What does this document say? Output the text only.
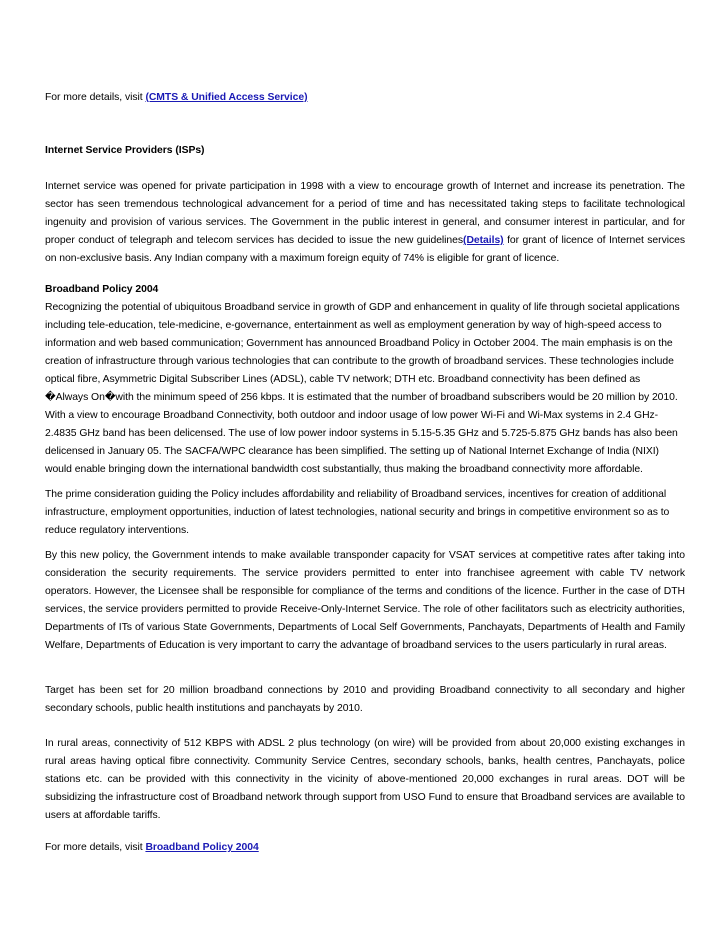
For more details, visit (CMTS & Unified Access Service)

Internet Service Providers (ISPs)

Internet service was opened for private participation in 1998 with a view to encourage growth of Internet and increase its penetration. The sector has seen tremendous technological advancement for a period of time and has necessitated taking steps to facilitate technological ingenuity and provision of various services. The Government in the public interest in general, and consumer interest in particular, and for proper conduct of telegraph and telecom services has decided to issue the new guidelines(Details) for grant of licence of Internet services on non-exclusive basis. Any Indian company with a maximum foreign equity of 74% is eligible for grant of licence.

Broadband Policy 2004

Recognizing the potential of ubiquitous Broadband service in growth of GDP and enhancement in quality of life through societal applications including tele-education, tele-medicine, e-governance, entertainment as well as employment generation by way of high-speed access to information and web based communication; Government has announced Broadband Policy in October 2004. The main emphasis is on the creation of infrastructure through various technologies that can contribute to the growth of broadband services. These technologies include optical fibre, Asymmetric Digital Subscriber Lines (ADSL), cable TV network; DTH etc. Broadband connectivity has been defined as �Always On�with the minimum speed of 256 kbps. It is estimated that the number of broadband subscribers would be 20 million by 2010. With a view to encourage Broadband Connectivity, both outdoor and indoor usage of low power Wi-Fi and Wi-Max systems in 2.4 GHz-2.4835 GHz band has been delicensed. The use of low power indoor systems in 5.15-5.35 GHz and 5.725-5.875 GHz bands has also been delicensed in January 05. The SACFA/WPC clearance has been simplified. The setting up of National Internet Exchange of India (NIXI) would enable bringing down the international bandwidth cost substantially, thus making the broadband connectivity more affordable.

The prime consideration guiding the Policy includes affordability and reliability of Broadband services, incentives for creation of additional infrastructure, employment opportunities, induction of latest technologies, national security and brings in competitive environment so as to reduce regulatory interventions.

By this new policy, the Government intends to make available transponder capacity for VSAT services at competitive rates after taking into consideration the security requirements. The service providers permitted to enter into franchisee agreement with cable TV network operators. However, the Licensee shall be responsible for compliance of the terms and conditions of the licence. Further in the case of DTH services, the service providers permitted to provide Receive-Only-Internet Service. The role of other facilitators such as electricity authorities, Departments of ITs of various State Governments, Departments of Local Self Governments, Panchayats, Departments of Health and Family Welfare, Departments of Education is very important to carry the advantage of broadband services to the users particularly in rural areas.

Target has been set for 20 million broadband connections by 2010 and providing Broadband connectivity to all secondary and higher secondary schools, public health institutions and panchayats by 2010.

In rural areas, connectivity of 512 KBPS with ADSL 2 plus technology (on wire) will be provided from about 20,000 existing exchanges in rural areas having optical fibre connectivity. Community Service Centres, secondary schools, banks, health centres, Panchayats, police stations etc. can be provided with this connectivity in the vicinity of above-mentioned 20,000 exchanges in rural areas. DOT will be subsidizing the infrastructure cost of Broadband network through support from USO Fund to ensure that Broadband services are available to users at affordable tariffs.

For more details, visit Broadband Policy 2004
